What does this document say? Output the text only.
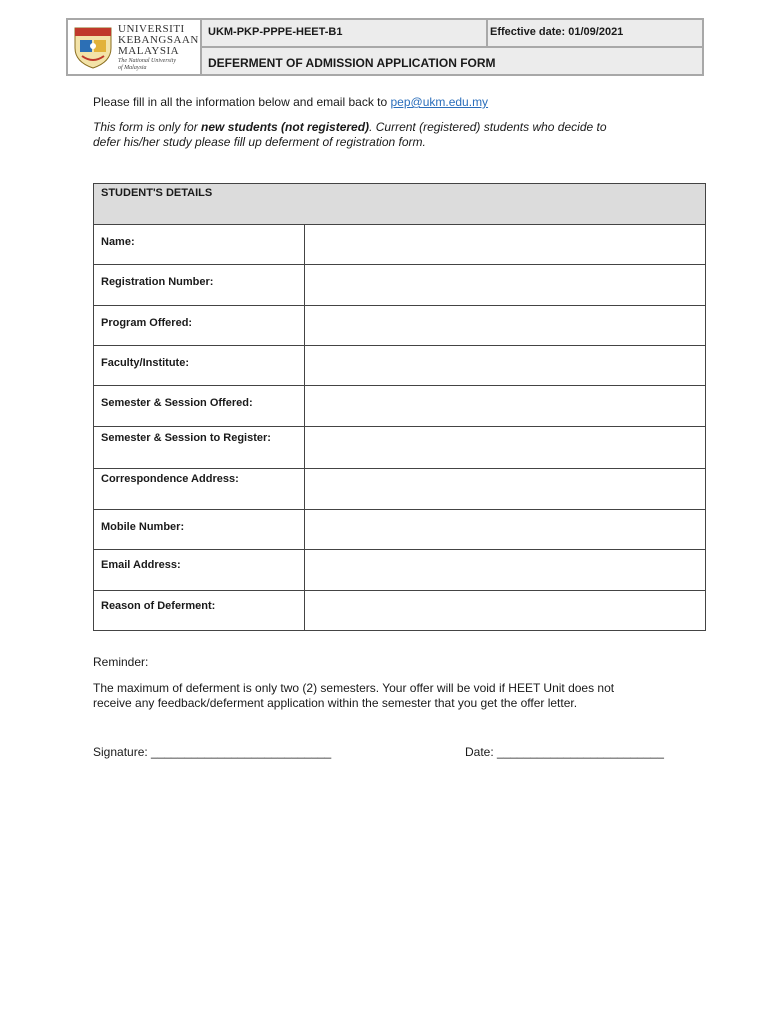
UNIVERSITI
KEBANGSAAN
MALAYSIA
The National University
of Malaysia
UKM-PKP-PPPE-HEET-B1	Effective date: 01/09/2021
DEFERMENT OF ADMISSION APPLICATION FORM
Please fill in all the information below and email back to pep@ukm.edu.my
This form is only for new students (not registered). Current (registered) students who decide to
defer his/her study please fill up deferment of registration form.
STUDENT'S DETAILS
Name:
Registration Number:
Program Offered:
Faculty/Institute:
Semester & Session Offered:
Semester & Session to Register:
Correspondence Address:
Mobile Number:
Email Address:
Reason of Deferment:
Reminder:
The maximum of deferment is only two (2) semesters. Your offer will be void if HEET Unit does not
receive any feedback/deferment application within the semester that you get the offer letter.
Signature: ___________________________	Date: _________________________
